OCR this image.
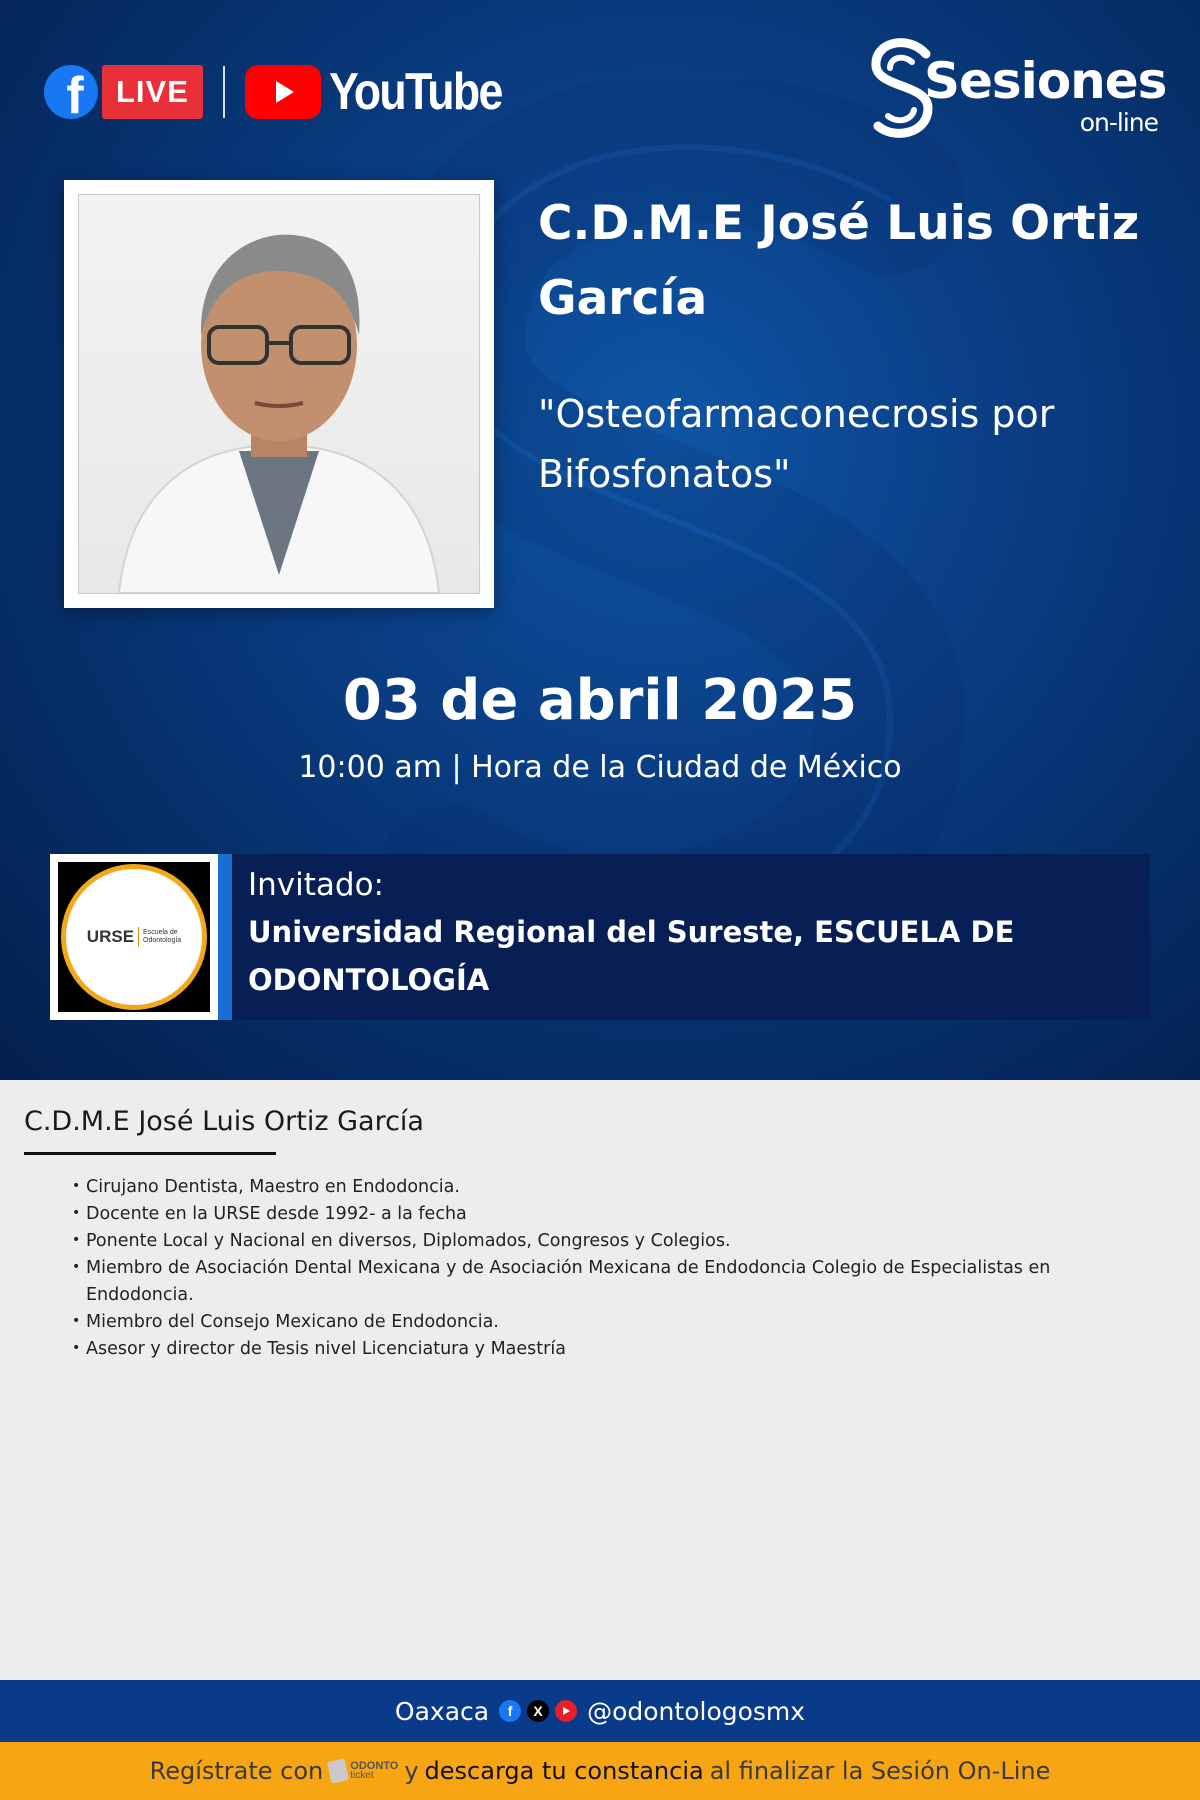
f	LIVE	YouTube	Sesiones
on-line
C.D.M.E José Luis Ortiz García
"Osteofarmaconecrosis por Bifosfonatos"
03 de abril 2025
10:00 am | Hora de la Ciudad de México
URSE	Escuela de
Odontología
Invitado:
Universidad Regional del Sureste, ESCUELA DE ODONTOLOGÍA
C.D.M.E José Luis Ortiz García
• Cirujano Dentista, Maestro en Endodoncia.
• Docente en la URSE desde 1992- a la fecha
• Ponente Local y Nacional en diversos, Diplomados, Congresos y Colegios.
• Miembro de Asociación Dental Mexicana y de Asociación Mexicana de Endodoncia Colegio de Especialistas en Endodoncia.
• Miembro del Consejo Mexicano de Endodoncia.
• Asesor y director de Tesis nivel Licenciatura y Maestría
Oaxaca	f	X @odontologosmx
Regístrate con ODONTO
ticket	y descarga tu constancia al finalizar la Sesión On-Line
